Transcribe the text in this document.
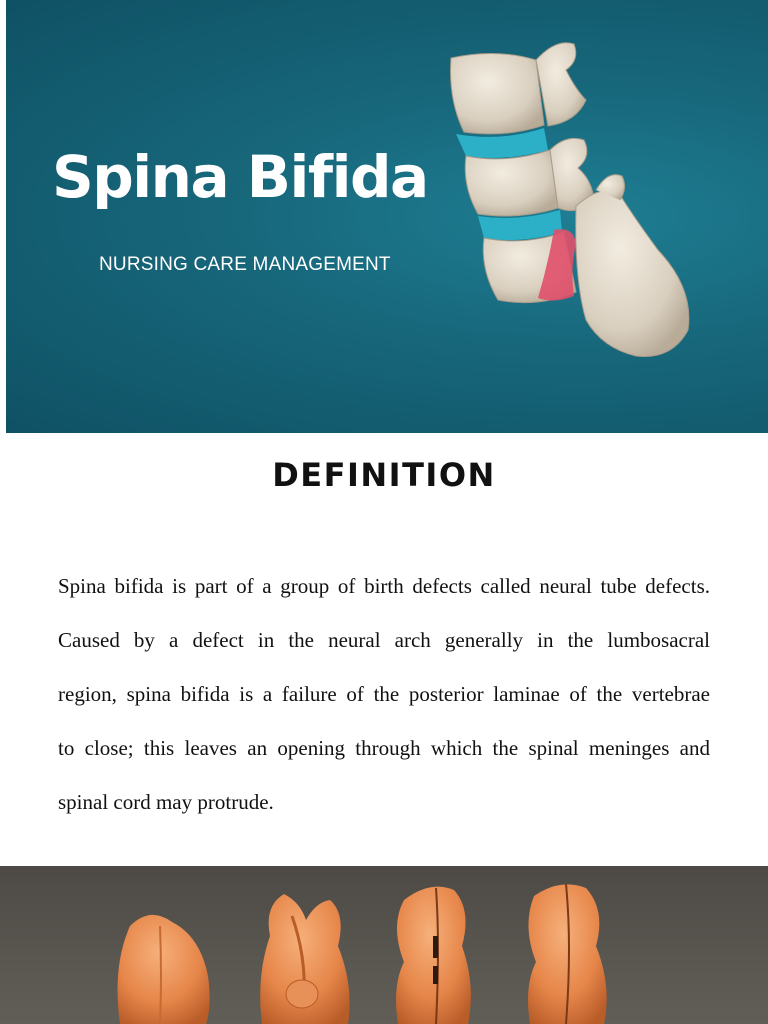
Spina Bifida
NURSING CARE MANAGEMENT
DEFINITION
Spina bifida is part of a group of birth defects called neural tube defects.
Caused by a defect in the neural arch generally in the lumbosacral
region, spina bifida is a failure of the posterior laminae of the vertebrae
to close; this leaves an opening through which the spinal meninges and
spinal cord may protrude.
